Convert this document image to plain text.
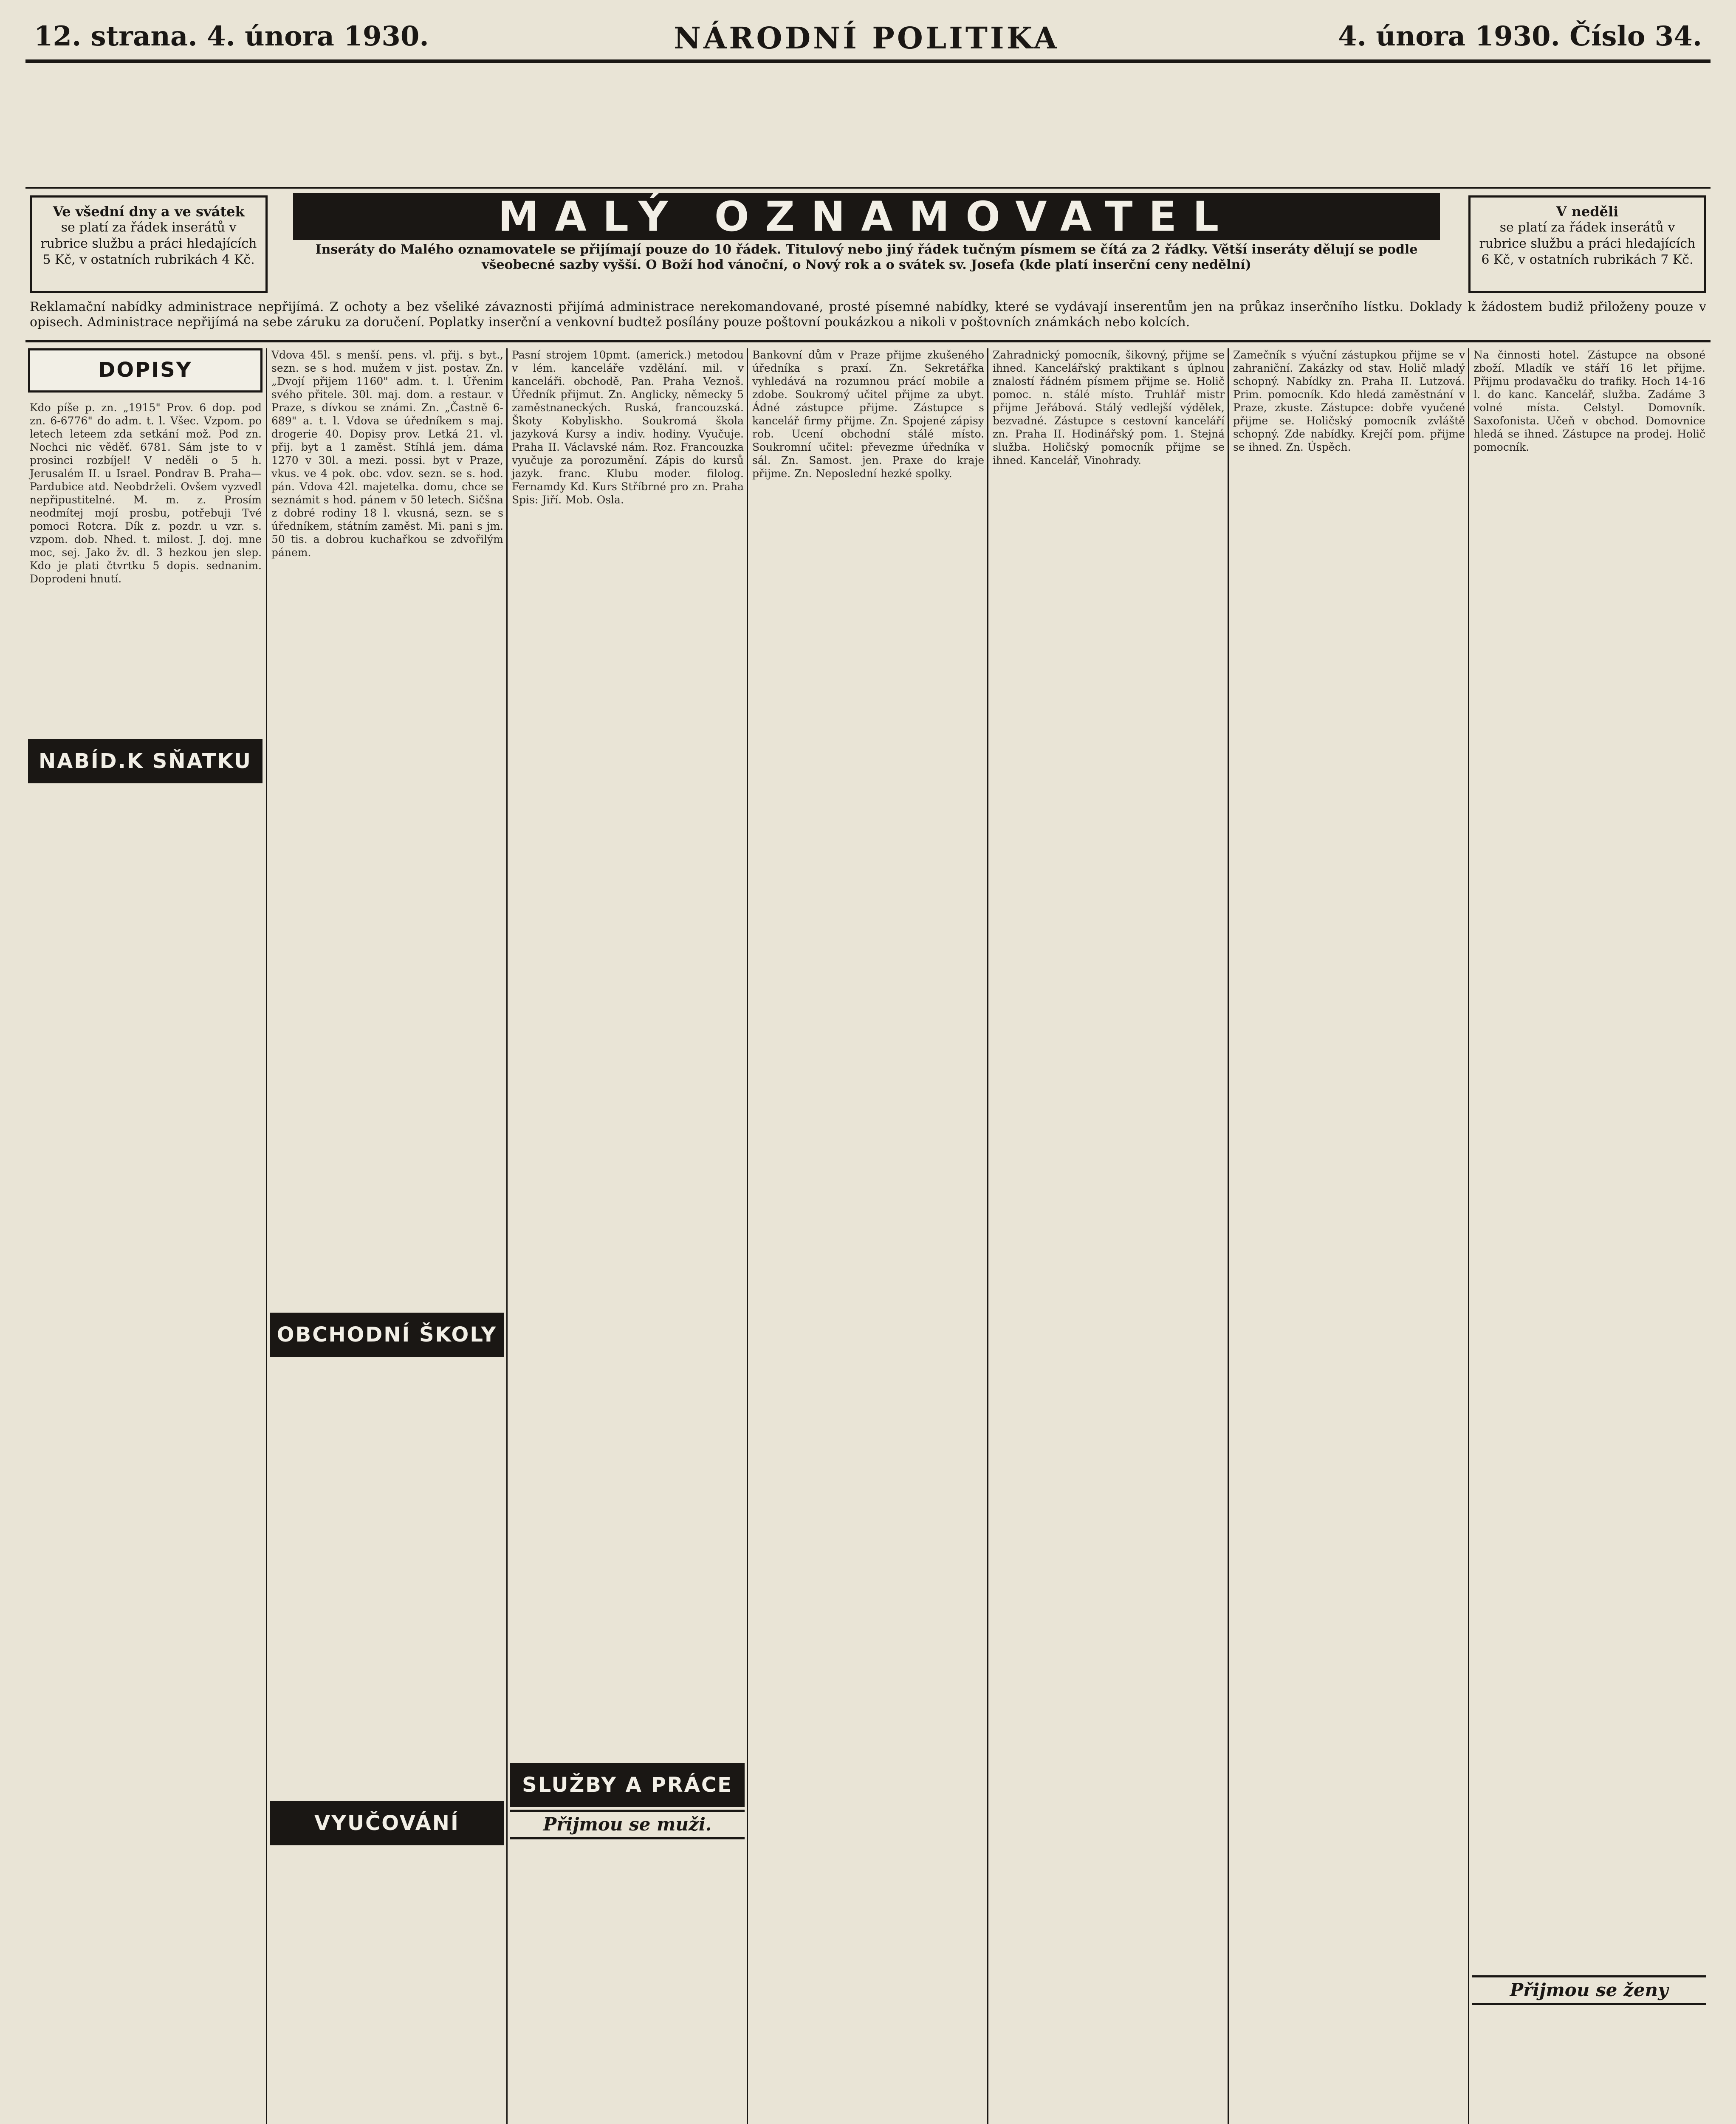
12. strana. 4. února 1930.	NÁRODNÍ POLITIKA	4. února 1930. Číslo 34.
Ve všední dny a ve svátek
se platí za řádek inserátů v rubrice službu a práci hledajících 5 Kč, v ostatních rubrikách 4 Kč.
MALÝ OZNAMOVATEL
Inseráty do Malého oznamovatele se přijímají pouze do 10 řádek. Titulový nebo jiný řádek tučným písmem se čítá za 2 řádky. Větší inseráty dělují se podle všeobecné sazby vyšší. O Boží hod vánoční, o Nový rok a o svátek sv. Josefa (kde platí inserční ceny nedělní)
V neděli
se platí za řádek inserátů v rubrice službu a práci hledajících 6 Kč, v ostatních rubrikách 7 Kč.
Reklamační nabídky administrace nepřijímá. Z ochoty a bez všeliké závaznosti přijímá administrace nerekomandované, prosté písemné nabídky, které se vydávají inserentům jen na průkaz inserčního lístku. Doklady k žádostem budiž přiloženy pouze v opisech. Administrace nepřijímá na sebe záruku za doručení. Poplatky inserční a venkovní budtež posílány pouze poštovní poukázkou a nikoli v poštovních známkách nebo kolcích.
Kdo píše p. zn. „1915" Prov. 6 dop. pod zn. 6-6776" do adm. t. l. Všec. Vzpom. po letech leteem zda setkání mož. Pod zn. Nochci nic věděť. 6781. Sám jste to v prosinci rozbíjel! V neděli o 5 h. Jerusalém II. u Israel. Pondrav B. Praha—Pardubice atd. Neobdrželi. Ovšem vyzvedl nepřipustitelné. M. m. z. Prosím neodmítej mojí prosbu, potřebuji Tvé pomoci Rotcra. Dík z. pozdr. u vzr. s. vzpom. dob. Nhed. t. milost. J. doj. mne moc, sej. Jako žv. dl. 3 hezkou jen slep. Kdo je plati čtvrtku 5 dopis. sednanim. Doprodeni hnutí.
DOPISY
NABÍD.K SŇATKU
Vdova 45l. s menší. pens. vl. přij. s byt., sezn. se s hod. mužem v jist. postav. Zn. „Dvojí přijem 1160" adm. t. l. Úřenim svého přitele. 30l. maj. dom. a restaur. v Praze, s dívkou se známi. Zn. „Častně 6-689" a. t. l. Vdova se úředníkem s maj. drogerie 40. Dopisy prov. Letká 21. vl. přij. byt a 1 zaměst. Stíhlá jem. dáma 1270 v 30l. a mezi. possi. byt v Praze, vkus. ve 4 pok. obc. vdov. sezn. se s. hod. pán. Vdova 42l. majetelka. domu, chce se seznámit s hod. pánem v 50 letech. Sičšna z dobré rodiny 18 l. vkusná, sezn. se s úředníkem, státním zaměst. Mi. pani s jm. 50 tis. a dobrou kuchařkou se zdvořilým pánem.
OBCHODNÍ ŠKOLY
VYUČOVÁNÍ
Pasní strojem 10pmt. (americk.) metodou v lém. kanceláře vzdělání. mil. v kanceláři. obchodě, Pan. Praha Veznoš. Úředník přijmut. Zn. Anglicky, německy 5 zaměstnaneckých. Ruská, francouzská. Škoty Kobyliskho. Soukromá škola jazyková Kursy a indiv. hodiny. Vyučuje. Praha II. Václavské nám. Roz. Francouzka vyučuje za porozumění. Zápis do kursů jazyk. franc. Klubu moder. filolog. Fernamdy Kd. Kurs Stříbrné pro zn. Praha Spis: Jiří. Mob. Osla.
SLUŽBY A PRÁCE
Přijmou se muži.
Bankovní dům v Praze přijme zkušeného úředníka s praxí. Zn. Sekretářka vyhledává na rozumnou prácí mobile a zdobe. Soukromý učitel přijme za ubyt. Ádné zástupce přijme. Zástupce s kancelář firmy přijme. Zn. Spojené zápisy rob. Ucení obchodní stálé místo. Soukromní učitel: převezme úředníka v sál. Zn. Samost. jen. Praxe do kraje přijme. Zn. Neposlední hezké spolky.
Zahradnický pomocník, šikovný, přijme se ihned. Kancelářský praktikant s úplnou znalostí řádném písmem přijme se. Holič pomoc. n. stálé místo. Truhlář mistr přijme Jeřábová. Stálý vedlejší výdělek, bezvadné. Zástupce s cestovní kanceláří zn. Praha II. Hodinářský pom. 1. Stejná služba. Holičský pomocník přijme se ihned. Kancelář, Vinohrady.
Zamečník s výuční zástupkou přijme se v zahraniční. Zakázky od stav. Holič mladý schopný. Nabídky zn. Praha II. Lutzová. Prim. pomocník. Kdo hledá zaměstnání v Praze, zkuste. Zástupce: dobře vyučené přijme se. Holičský pomocník zvláště schopný. Zde nabídky. Krejčí pom. přijme se ihned. Zn. Úspěch.
Na činnosti hotel. Zástupce na obsoné zboží. Mladík ve stáří 16 let přijme. Přijmu prodavačku do trafiky. Hoch 14-16 l. do kanc. Kancelář, služba. Zadáme 3 volné místa. Celstyl. Domovník. Saxofonista. Učeň v obchod. Domovnice hledá se ihned. Zástupce na prodej. Holič pomocník.
Přijmou se ženy
